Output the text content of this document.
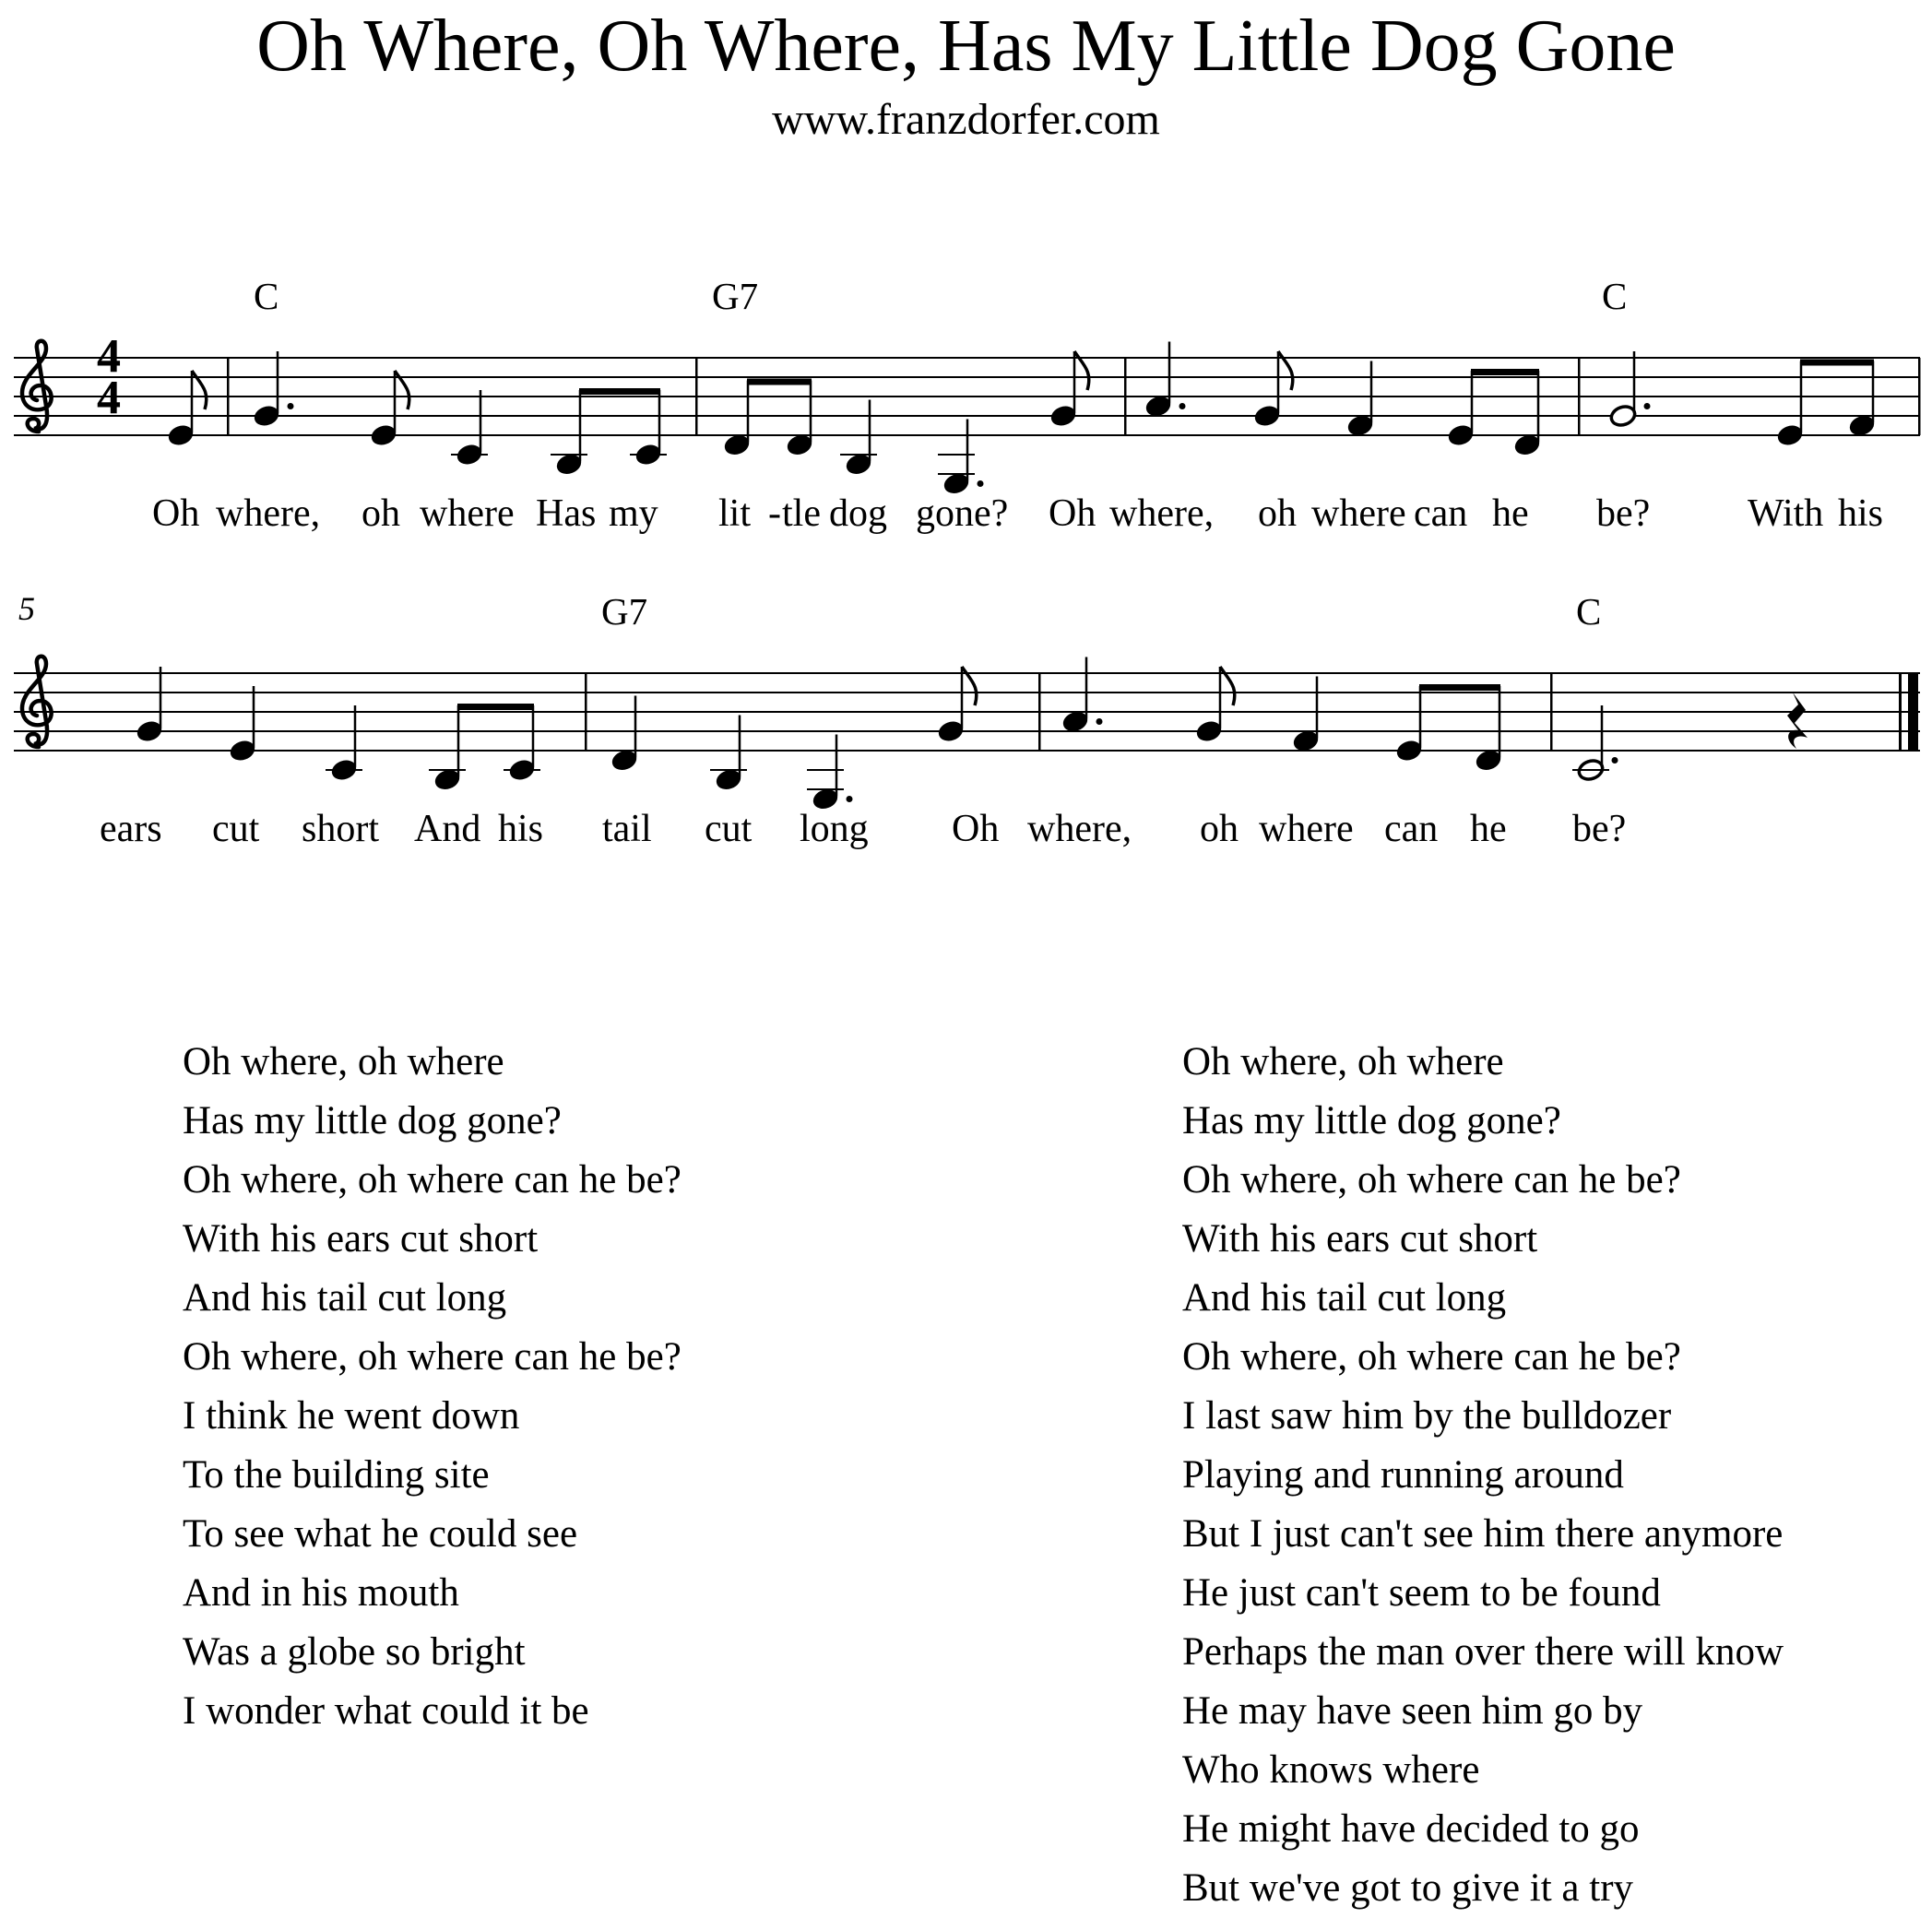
Oh Where, Oh Where, Has My Little Dog Gone
www.franzdorfer.com
4
4
5
C	G7	C
G7	C
Oh where, oh where Has my lit - tle dog gone? Oh where, oh where can he be?	With his
ears cut short And his tail cut long Oh where, oh where can he be?
Oh where, oh where
Has my little dog gone?
Oh where, oh where can he be?
With his ears cut short
And his tail cut long
Oh where, oh where can he be?
I think he went down
To the building site
To see what he could see
And in his mouth
Was a globe so bright
I wonder what could it be
Oh where, oh where
Has my little dog gone?
Oh where, oh where can he be?
With his ears cut short
And his tail cut long
Oh where, oh where can he be?
I last saw him by the bulldozer
Playing and running around
But I just can't see him there anymore
He just can't seem to be found
Perhaps the man over there will know
He may have seen him go by
Who knows where
He might have decided to go
But we've got to give it a try
